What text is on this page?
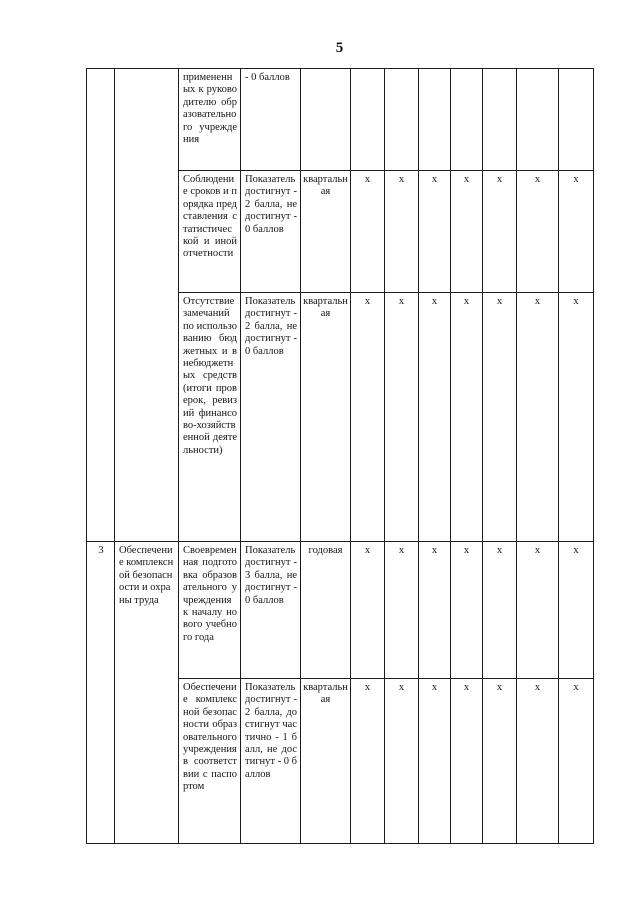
5
		примененных к руководителю образовательного учреждения	- 0 баллов								
		Соблюдение сроков и порядка представления статистической и иной отчетности	Показатель достигнут - 2 балла, не достигнут - 0 баллов	квартальная	х	х	х	х	х	х	х
		Отсутствие замечаний по использованию бюджетных и внебюджетных средств (итоги проверок, ревизий финансово-хозяйственной деятельности)	Показатель достигнут - 2 балла, не достигнут - 0 баллов	квартальная	х	х	х	х	х	х	х
3	Обеспечение комплексной безопасности и охраны труда	Своевременная подготовка образовательного учреждения к началу нового учебного года	Показатель достигнут - 3 балла, не достигнут - 0 баллов	годовая	х	х	х	х	х	х	х
		Обеспечение комплексной безопасности образовательного учреждения в соответствии с паспортом	Показатель достигнут - 2 балла, достигнут частично - 1 балл, не достигнут - 0 баллов	квартальная	х	х	х	х	х	х	х
